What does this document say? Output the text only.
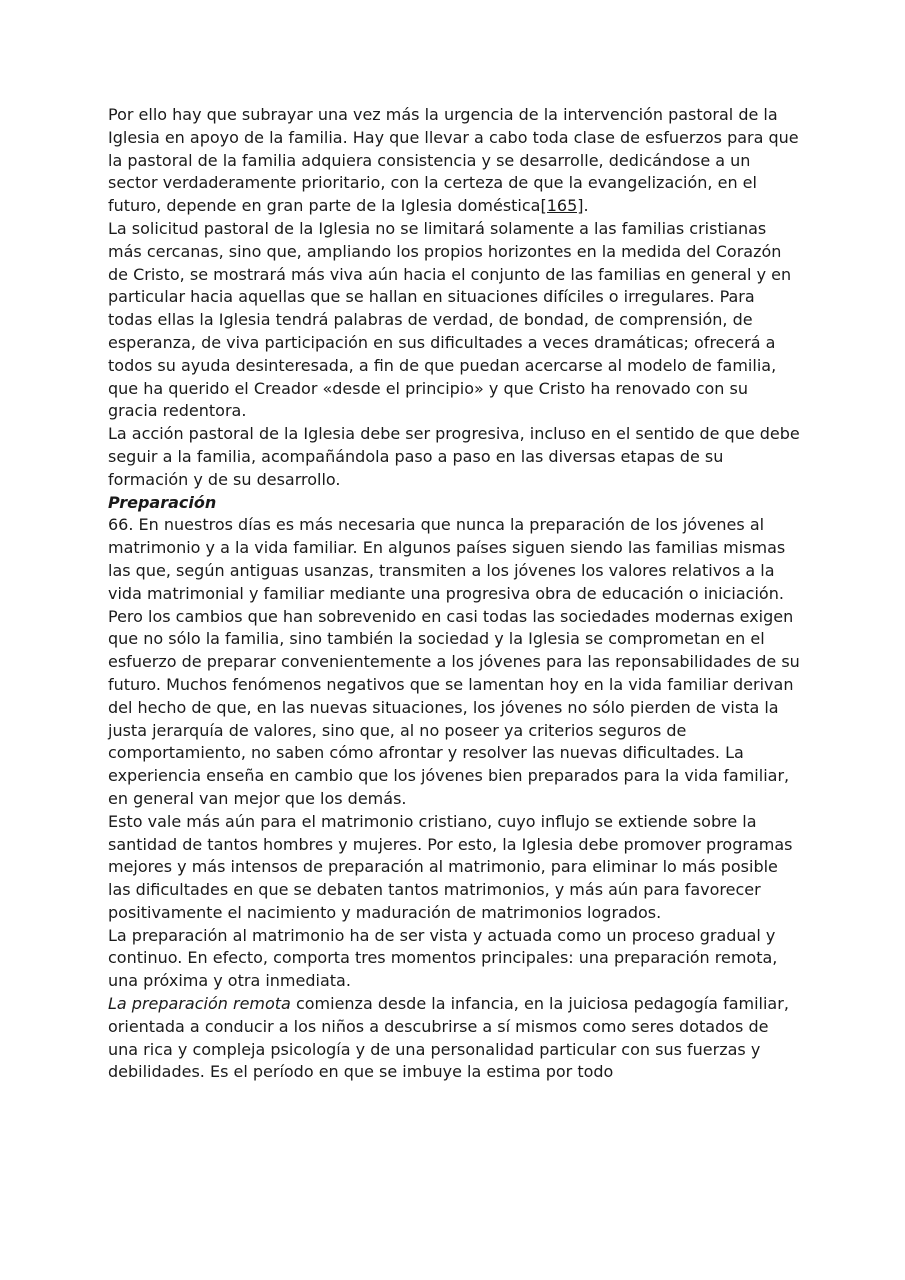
Por ello hay que subrayar una vez más la urgencia de la intervención pastoral de la Iglesia en apoyo de la familia. Hay que llevar a cabo toda clase de esfuerzos para que la pastoral de la familia adquiera consistencia y se desarrolle, dedicándose a un sector verdaderamente prioritario, con la certeza de que la evangelización, en el futuro, depende en gran parte de la Iglesia doméstica[165].

La solicitud pastoral de la Iglesia no se limitará solamente a las familias cristianas más cercanas, sino que, ampliando los propios horizontes en la medida del Corazón de Cristo, se mostrará más viva aún hacia el conjunto de las familias en general y en particular hacia aquellas que se hallan en situaciones difíciles o irregulares. Para todas ellas la Iglesia tendrá palabras de verdad, de bondad, de comprensión, de esperanza, de viva participación en sus dificultades a veces dramáticas; ofrecerá a todos su ayuda desinteresada, a fin de que puedan acercarse al modelo de familia, que ha querido el Creador «desde el principio» y que Cristo ha renovado con su gracia redentora.

La acción pastoral de la Iglesia debe ser progresiva, incluso en el sentido de que debe seguir a la familia, acompañándola paso a paso en las diversas etapas de su formación y de su desarrollo.

Preparación

66. En nuestros días es más necesaria que nunca la preparación de los jóvenes al matrimonio y a la vida familiar. En algunos países siguen siendo las familias mismas las que, según antiguas usanzas, transmiten a los jóvenes los valores relativos a la vida matrimonial y familiar mediante una progresiva obra de educación o iniciación. Pero los cambios que han sobrevenido en casi todas las sociedades modernas exigen que no sólo la familia, sino también la sociedad y la Iglesia se comprometan en el esfuerzo de preparar convenientemente a los jóvenes para las reponsabilidades de su futuro. Muchos fenómenos negativos que se lamentan hoy en la vida familiar derivan del hecho de que, en las nuevas situaciones, los jóvenes no sólo pierden de vista la justa jerarquía de valores, sino que, al no poseer ya criterios seguros de comportamiento, no saben cómo afrontar y resolver las nuevas dificultades. La experiencia enseña en cambio que los jóvenes bien preparados para la vida familiar, en general van mejor que los demás.

Esto vale más aún para el matrimonio cristiano, cuyo influjo se extiende sobre la santidad de tantos hombres y mujeres. Por esto, la Iglesia debe promover programas mejores y más intensos de preparación al matrimonio, para eliminar lo más posible las dificultades en que se debaten tantos matrimonios, y más aún para favorecer positivamente el nacimiento y maduración de matrimonios logrados.

La preparación al matrimonio ha de ser vista y actuada como un proceso gradual y continuo. En efecto, comporta tres momentos principales: una preparación remota, una próxima y otra inmediata.

La preparación remota comienza desde la infancia, en la juiciosa pedagogía familiar, orientada a conducir a los niños a descubrirse a sí mismos como seres dotados de una rica y compleja psicología y de una personalidad particular con sus fuerzas y debilidades. Es el período en que se imbuye la estima por todo
